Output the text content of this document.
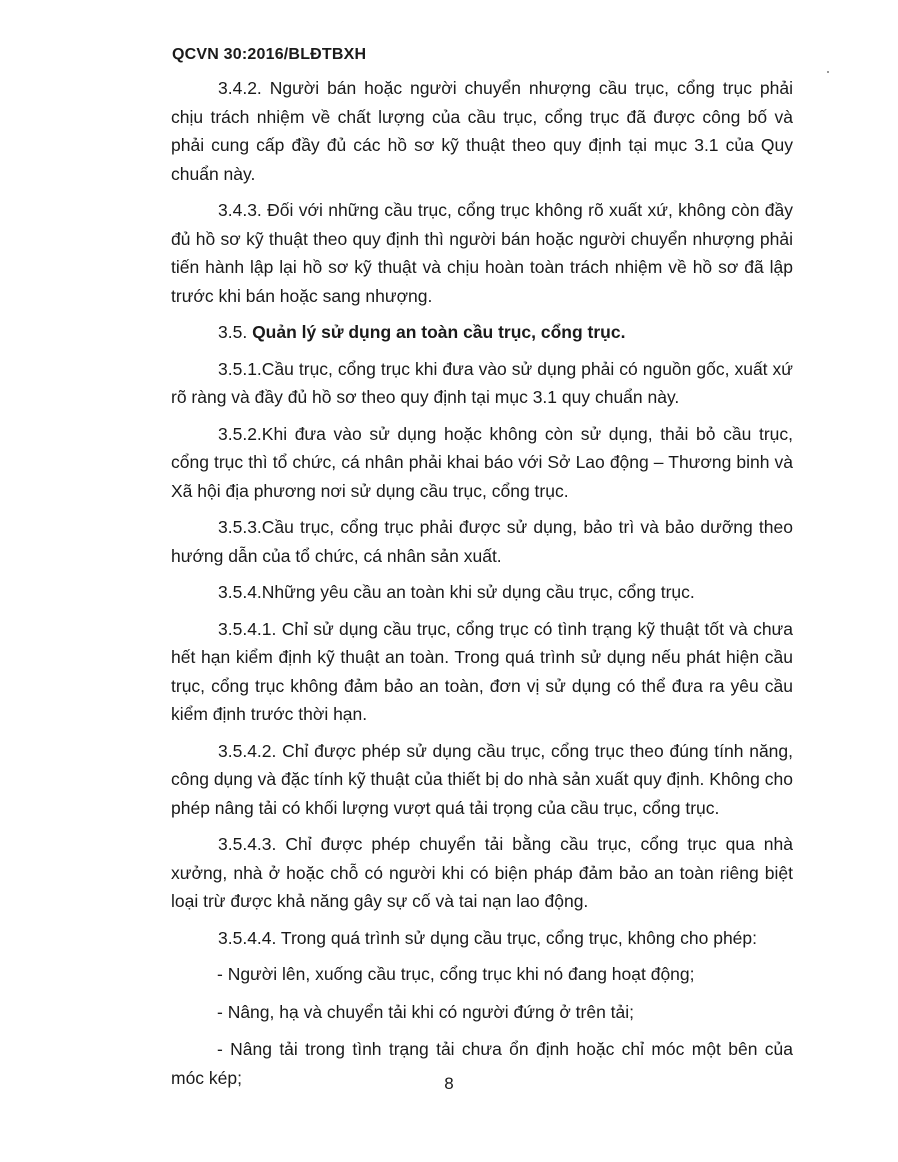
QCVN 30:2016/BLĐTBXH

3.4.2. Người bán hoặc người chuyển nhượng cầu trục, cổng trục phải chịu trách nhiệm về chất lượng của cầu trục, cổng trục đã được công bố và phải cung cấp đầy đủ các hồ sơ kỹ thuật theo quy định tại mục 3.1 của Quy chuẩn này.

3.4.3. Đối với những cầu trục, cổng trục không rõ xuất xứ, không còn đầy đủ hồ sơ kỹ thuật theo quy định thì người bán hoặc người chuyển nhượng phải tiến hành lập lại hồ sơ kỹ thuật và chịu hoàn toàn trách nhiệm về hồ sơ đã lập trước khi bán hoặc sang nhượng.

3.5. Quản lý sử dụng an toàn cầu trục, cổng trục.

3.5.1.Cầu trục, cổng trục khi đưa vào sử dụng phải có nguồn gốc, xuất xứ rõ ràng và đầy đủ hồ sơ theo quy định tại mục 3.1 quy chuẩn này.

3.5.2.Khi đưa vào sử dụng hoặc không còn sử dụng, thải bỏ cầu trục, cổng trục thì tổ chức, cá nhân phải khai báo với Sở Lao động – Thương binh và Xã hội địa phương nơi sử dụng cầu trục, cổng trục.

3.5.3.Cầu trục, cổng trục phải được sử dụng, bảo trì và bảo dưỡng theo hướng dẫn của tổ chức, cá nhân sản xuất.

3.5.4.Những yêu cầu an toàn khi sử dụng cầu trục, cổng trục.

3.5.4.1. Chỉ sử dụng cầu trục, cổng trục có tình trạng kỹ thuật tốt và chưa hết hạn kiểm định kỹ thuật an toàn. Trong quá trình sử dụng nếu phát hiện cầu trục, cổng trục không đảm bảo an toàn, đơn vị sử dụng có thể đưa ra yêu cầu kiểm định trước thời hạn.

3.5.4.2. Chỉ được phép sử dụng cầu trục, cổng trục theo đúng tính năng, công dụng và đặc tính kỹ thuật của thiết bị do nhà sản xuất quy định. Không cho phép nâng tải có khối lượng vượt quá tải trọng của cầu trục, cổng trục.

3.5.4.3. Chỉ được phép chuyển tải bằng cầu trục, cổng trục qua nhà xưởng, nhà ở hoặc chỗ có người khi có biện pháp đảm bảo an toàn riêng biệt loại trừ được khả năng gây sự cố và tai nạn lao động.

3.5.4.4. Trong quá trình sử dụng cầu trục, cổng trục, không cho phép:

- Người lên, xuống cầu trục, cổng trục khi nó đang hoạt động;

- Nâng, hạ và chuyển tải khi có người đứng ở trên tải;

- Nâng tải trong tình trạng tải chưa ổn định hoặc chỉ móc một bên của móc kép;	8
